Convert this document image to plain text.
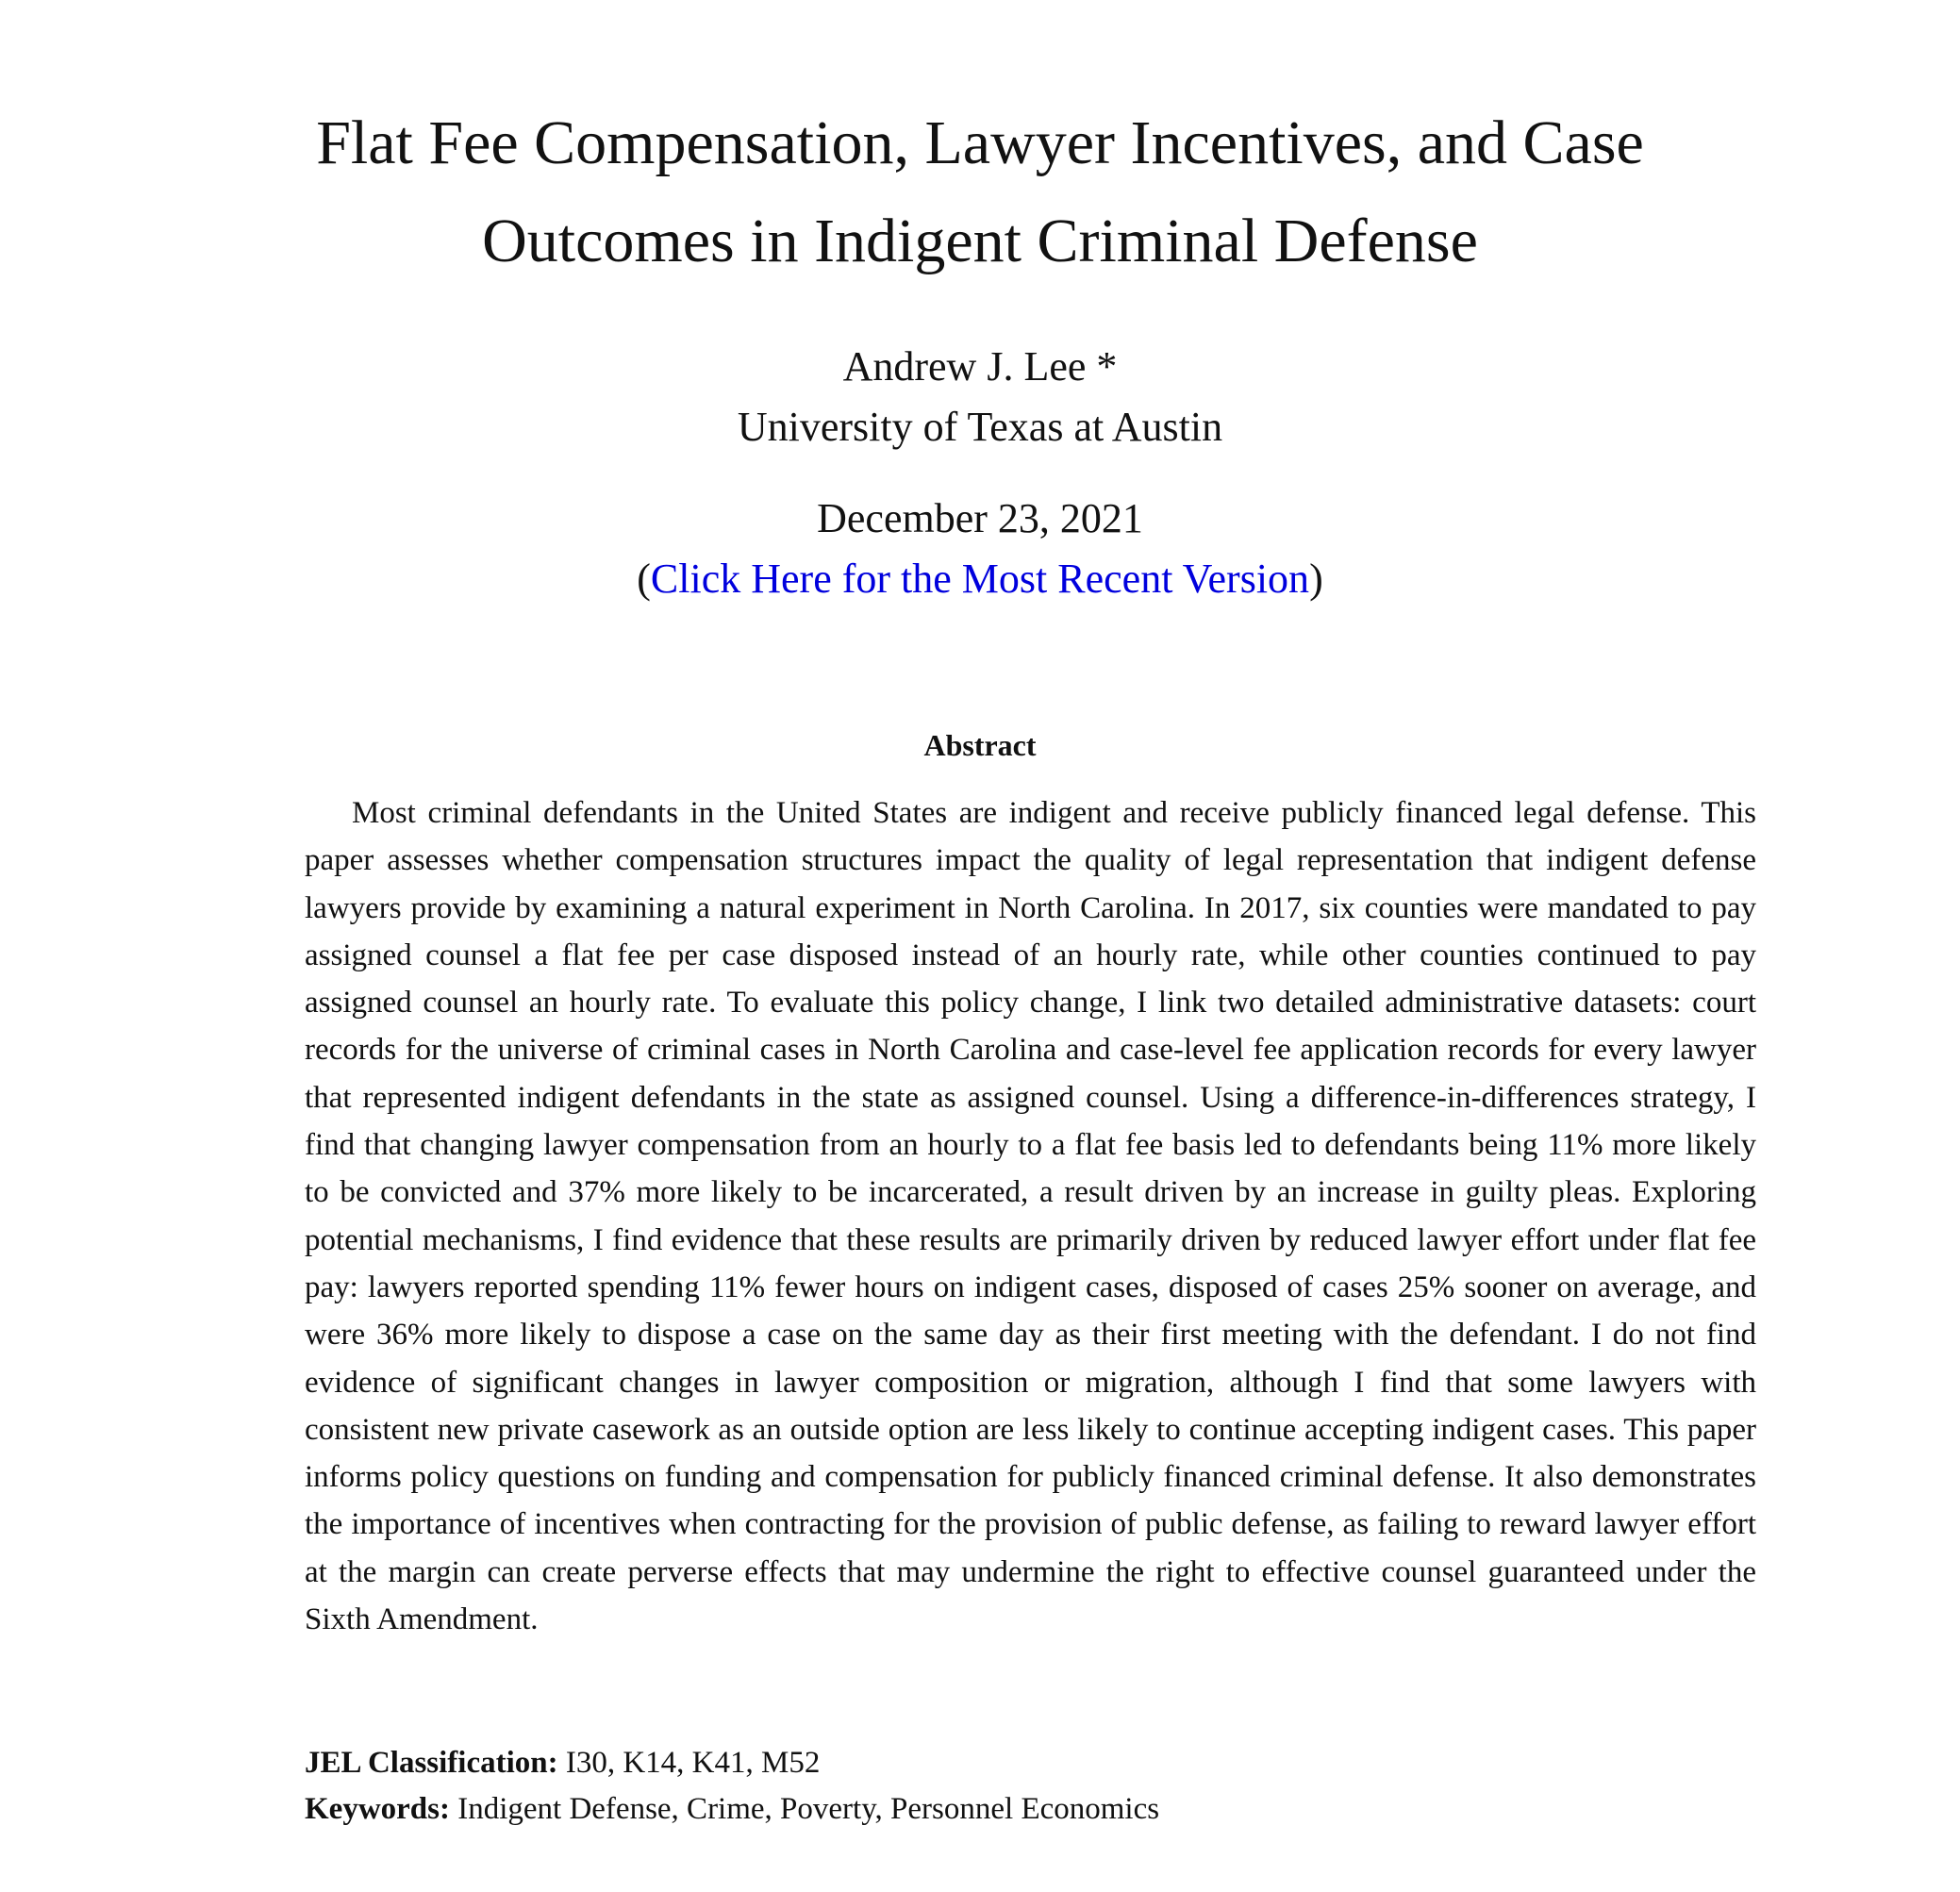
Flat Fee Compensation, Lawyer Incentives, and Case
Outcomes in Indigent Criminal Defense
Andrew J. Lee *
University of Texas at Austin
December 23, 2021
(Click Here for the Most Recent Version)
Abstract

Most criminal defendants in the United States are indigent and receive publicly financed legal defense. This paper assesses whether compensation structures impact the quality of legal representation that indigent defense lawyers provide by examining a natural experiment in North Carolina. In 2017, six counties were mandated to pay assigned counsel a flat fee per case disposed instead of an hourly rate, while other counties continued to pay assigned counsel an hourly rate. To evaluate this policy change, I link two detailed administrative datasets: court records for the universe of criminal cases in North Carolina and case-level fee application records for every lawyer that represented indigent defendants in the state as assigned counsel. Using a difference-in-differences strategy, I find that changing lawyer compensation from an hourly to a flat fee basis led to defendants being 11% more likely to be convicted and 37% more likely to be incarcerated, a result driven by an increase in guilty pleas. Exploring potential mechanisms, I find evidence that these results are primarily driven by reduced lawyer effort under flat fee pay: lawyers reported spending 11% fewer hours on indigent cases, disposed of cases 25% sooner on average, and were 36% more likely to dispose a case on the same day as their first meeting with the defendant. I do not find evidence of significant changes in lawyer composition or migration, although I find that some lawyers with consistent new private casework as an outside option are less likely to continue accepting indigent cases. This paper informs policy questions on funding and compensation for publicly financed criminal defense. It also demonstrates the importance of incentives when contracting for the provision of public defense, as failing to reward lawyer effort at the margin can create perverse effects that may undermine the right to effective counsel guaranteed under the Sixth Amendment.

JEL Classification: I30, K14, K41, M52
Keywords: Indigent Defense, Crime, Poverty, Personnel Economics
